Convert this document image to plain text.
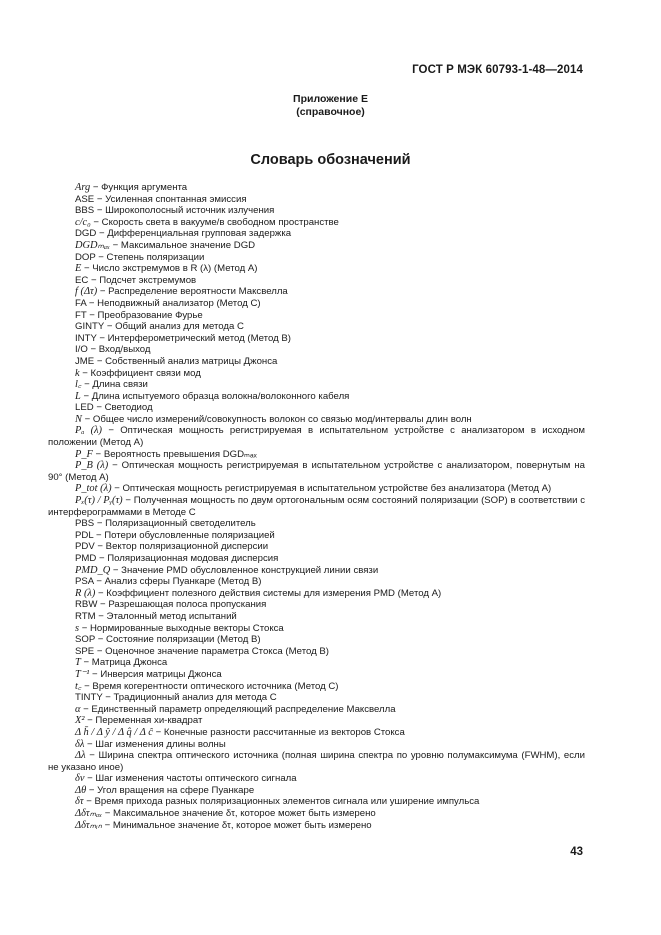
ГОСТ Р МЭК 60793-1-48—2014
Приложение Е
(справочное)
Словарь обозначений
Arg − Функция аргумента
ASE − Усиленная спонтанная эмиссия
BBS − Широкополосный источник излучения
c/c₀ − Скорость света в вакууме/в свободном пространстве
DGD − Дифференциальная групповая задержка
DGDₘₐₓ − Максимальное значение DGD
DOP − Степень поляризации
E − Число экстремумов в R (λ) (Метод А)
EC − Подсчет экстремумов
f (Δτ) − Распределение вероятности Максвелла
FA − Неподвижный анализатор (Метод С)
FT − Преобразование Фурье
GINTY − Общий анализ для метода С
INTY − Интерферометрический метод (Метод В)
I/O − Вход/выход
JME − Собственный анализ матрицы Джонса
k − Коэффициент связи мод
l꜀ − Длина связи
L − Длина испытуемого образца волокна/волоконного кабеля
LED − Светодиод
N − Общее число измерений/совокупность волокон со связью мод/интервалы длин волн
Pₐ (λ) − Оптическая мощность регистрируемая в испытательном устройстве с анализатором в исходном положении (Метод А)
P_F − Вероятность превышения DGDₘₐₓ
P_B (λ) − Оптическая мощность регистрируемая в испытательном устройстве с анализатором, повернутым на 90° (Метод А)
P_tot (λ) − Оптическая мощность регистрируемая в испытательном устройстве без анализатора (Метод А)
Pₓ(τ) / Pᵧ(τ) − Полученная мощность по двум ортогональным осям состояний поляризации (SOP) в соответствии с интерферограммами в Методе С
PBS − Поляризационный светоделитель
PDL − Потери обусловленные поляризацией
PDV − Вектор поляризационной дисперсии
PMD − Поляризационная модовая дисперсия
PMD_Q − Значение PMD обусловленное конструкцией линии связи
PSA − Анализ сферы Пуанкаре (Метод В)
R (λ) − Коэффициент полезного действия системы для измерения PMD (Метод А)
RBW − Разрешающая полоса пропускания
RTM − Эталонный метод испытаний
s − Нормированные выходные векторы Стокса
SOP − Состояние поляризации (Метод В)
SPE − Оценочное значение параметра Стокса (Метод В)
T − Матрица Джонса
T⁻¹ − Инверсия матрицы Джонса
t꜀ − Время когерентности оптического источника (Метод С)
TINTY − Традиционный анализ для метода С
α − Единственный параметр определяющий распределение Максвелла
X² − Переменная хи-квадрат
Δ h̄ / Δ ŷ / Δ q̂ / Δ ĉ − Конечные разности рассчитанные из векторов Стокса
δλ − Шаг изменения длины волны
Δλ − Ширина спектра оптического источника (полная ширина спектра по уровню полумаксимума (FWHM), если не указано иное)
δν − Шаг изменения частоты оптического сигнала
Δθ − Угол вращения на сфере Пуанкаре
δτ − Время прихода разных поляризационных элементов сигнала или уширение импульса
Δδτₘₐₓ − Максимальное значение δτ, которое может быть измерено
Δδτₘᵢₙ − Минимальное значение δτ, которое может быть измерено
43
